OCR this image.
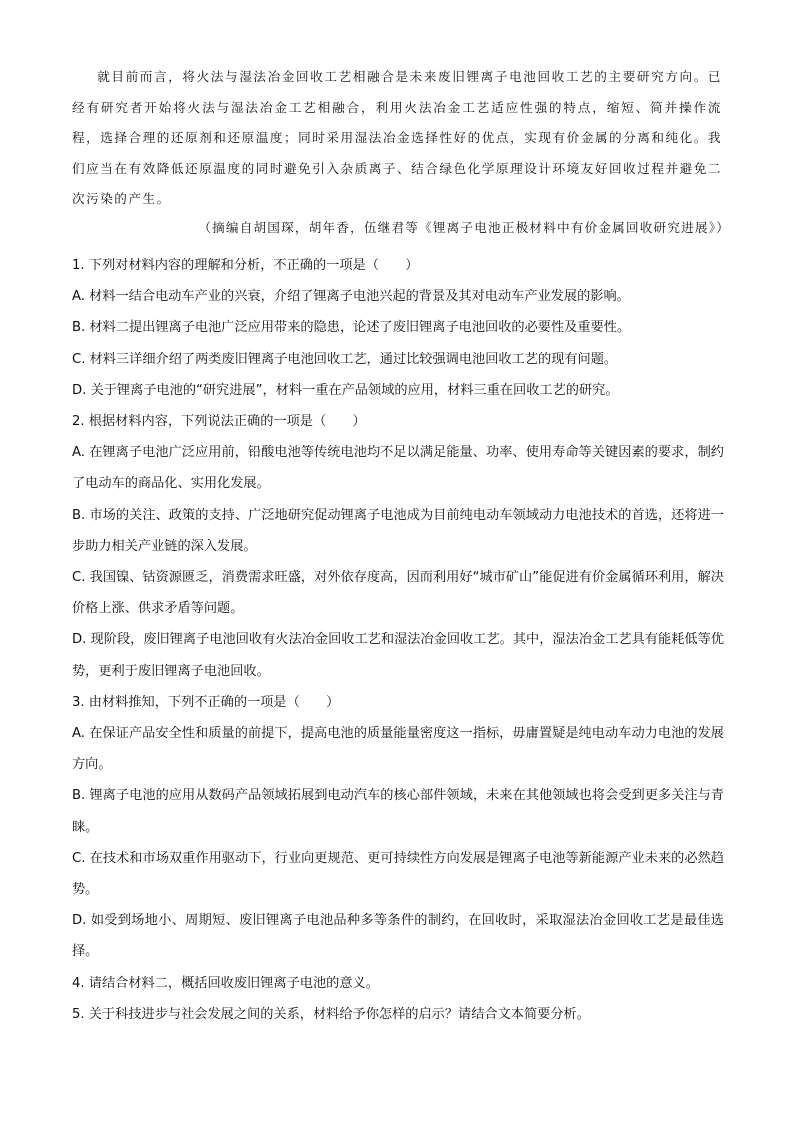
就目前而言，将火法与湿法冶金回收工艺相融合是未来废旧锂离子电池回收工艺的主要研究方向。已经有研究者开始将火法与湿法冶金工艺相融合，利用火法冶金工艺适应性强的特点，缩短、简并操作流程，选择合理的还原剂和还原温度；同时采用湿法冶金选择性好的优点，实现有价金属的分离和纯化。我们应当在有效降低还原温度的同时避免引入杂质离子、结合绿色化学原理设计环境友好回收过程并避免二次污染的产生。

（摘编自胡国琛，胡年香，伍继君等《锂离子电池正极材料中有价金属回收研究进展》）

1. 下列对材料内容的理解和分析，不正确的一项是（　　）

A. 材料一结合电动车产业的兴衰，介绍了锂离子电池兴起的背景及其对电动车产业发展的影响。

B. 材料二提出锂离子电池广泛应用带来的隐患，论述了废旧锂离子电池回收的必要性及重要性。

C. 材料三详细介绍了两类废旧锂离子电池回收工艺，通过比较强调电池回收工艺的现有问题。

D. 关于锂离子电池的“研究进展”，材料一重在产品领域的应用，材料三重在回收工艺的研究。

2. 根据材料内容，下列说法正确的一项是（　　）

A. 在锂离子电池广泛应用前，铅酸电池等传统电池均不足以满足能量、功率、使用寿命等关键因素的要求，制约了电动车的商品化、实用化发展。

B. 市场的关注、政策的支持、广泛地研究促动锂离子电池成为目前纯电动车领域动力电池技术的首选，还将进一步助力相关产业链的深入发展。

C. 我国镍、钴资源匮乏，消费需求旺盛，对外依存度高，因而利用好“城市矿山”能促进有价金属循环利用，解决价格上涨、供求矛盾等问题。

D. 现阶段，废旧锂离子电池回收有火法冶金回收工艺和湿法冶金回收工艺。其中，湿法冶金工艺具有能耗低等优势，更利于废旧锂离子电池回收。

3. 由材料推知，下列不正确的一项是（　　）

A. 在保证产品安全性和质量的前提下，提高电池的质量能量密度这一指标，毋庸置疑是纯电动车动力电池的发展方向。

B. 锂离子电池的应用从数码产品领域拓展到电动汽车的核心部件领域，未来在其他领域也将会受到更多关注与青睐。

C. 在技术和市场双重作用驱动下，行业向更规范、更可持续性方向发展是锂离子电池等新能源产业未来的必然趋势。

D. 如受到场地小、周期短、废旧锂离子电池品种多等条件的制约，在回收时，采取湿法冶金回收工艺是最佳选择。

4. 请结合材料二，概括回收废旧锂离子电池的意义。

5. 关于科技进步与社会发展之间的关系，材料给予你怎样的启示？请结合文本简要分析。
